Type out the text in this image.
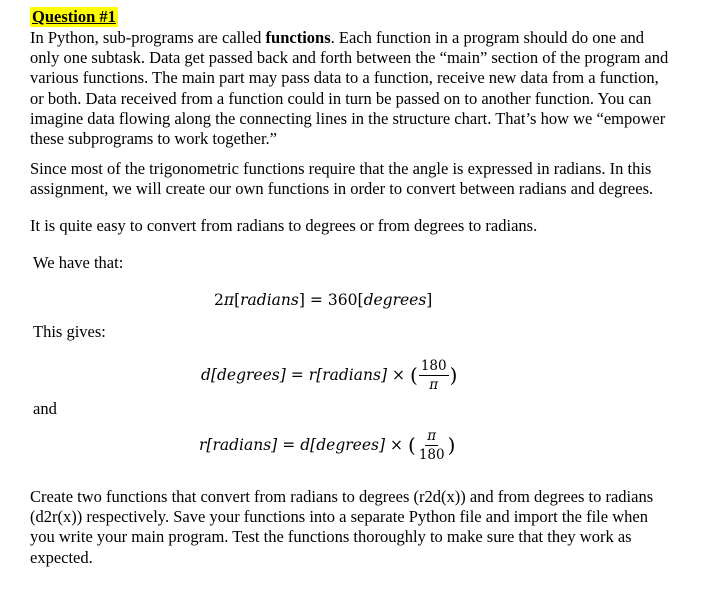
Question #1
In Python, sub-programs are called functions. Each function in a program should do one and only one subtask. Data get passed back and forth between the “main” section of the program and various functions. The main part may pass data to a function, receive new data from a function, or both. Data received from a function could in turn be passed on to another function. You can imagine data flowing along the connecting lines in the structure chart. That’s how we “empower these subprograms to work together.”
Since most of the trigonometric functions require that the angle is expressed in radians. In this assignment, we will create our own functions in order to convert between radians and degrees.
It is quite easy to convert from radians to degrees or from degrees to radians.
We have that:
2 π [ radians ] = 360 [ degrees ]
This gives:
d [degrees] = r [radians] × ( $\frac{180}{\pi}$ )
and
r [radians] = d [degrees] × ( $\frac{\pi}{180}$ )
Create two functions that convert from radians to degrees (r2d(x)) and from degrees to radians (d2r(x)) respectively. Save your functions into a separate Python file and import the file when you write your main program. Test the functions thoroughly to make sure that they work as expected.
